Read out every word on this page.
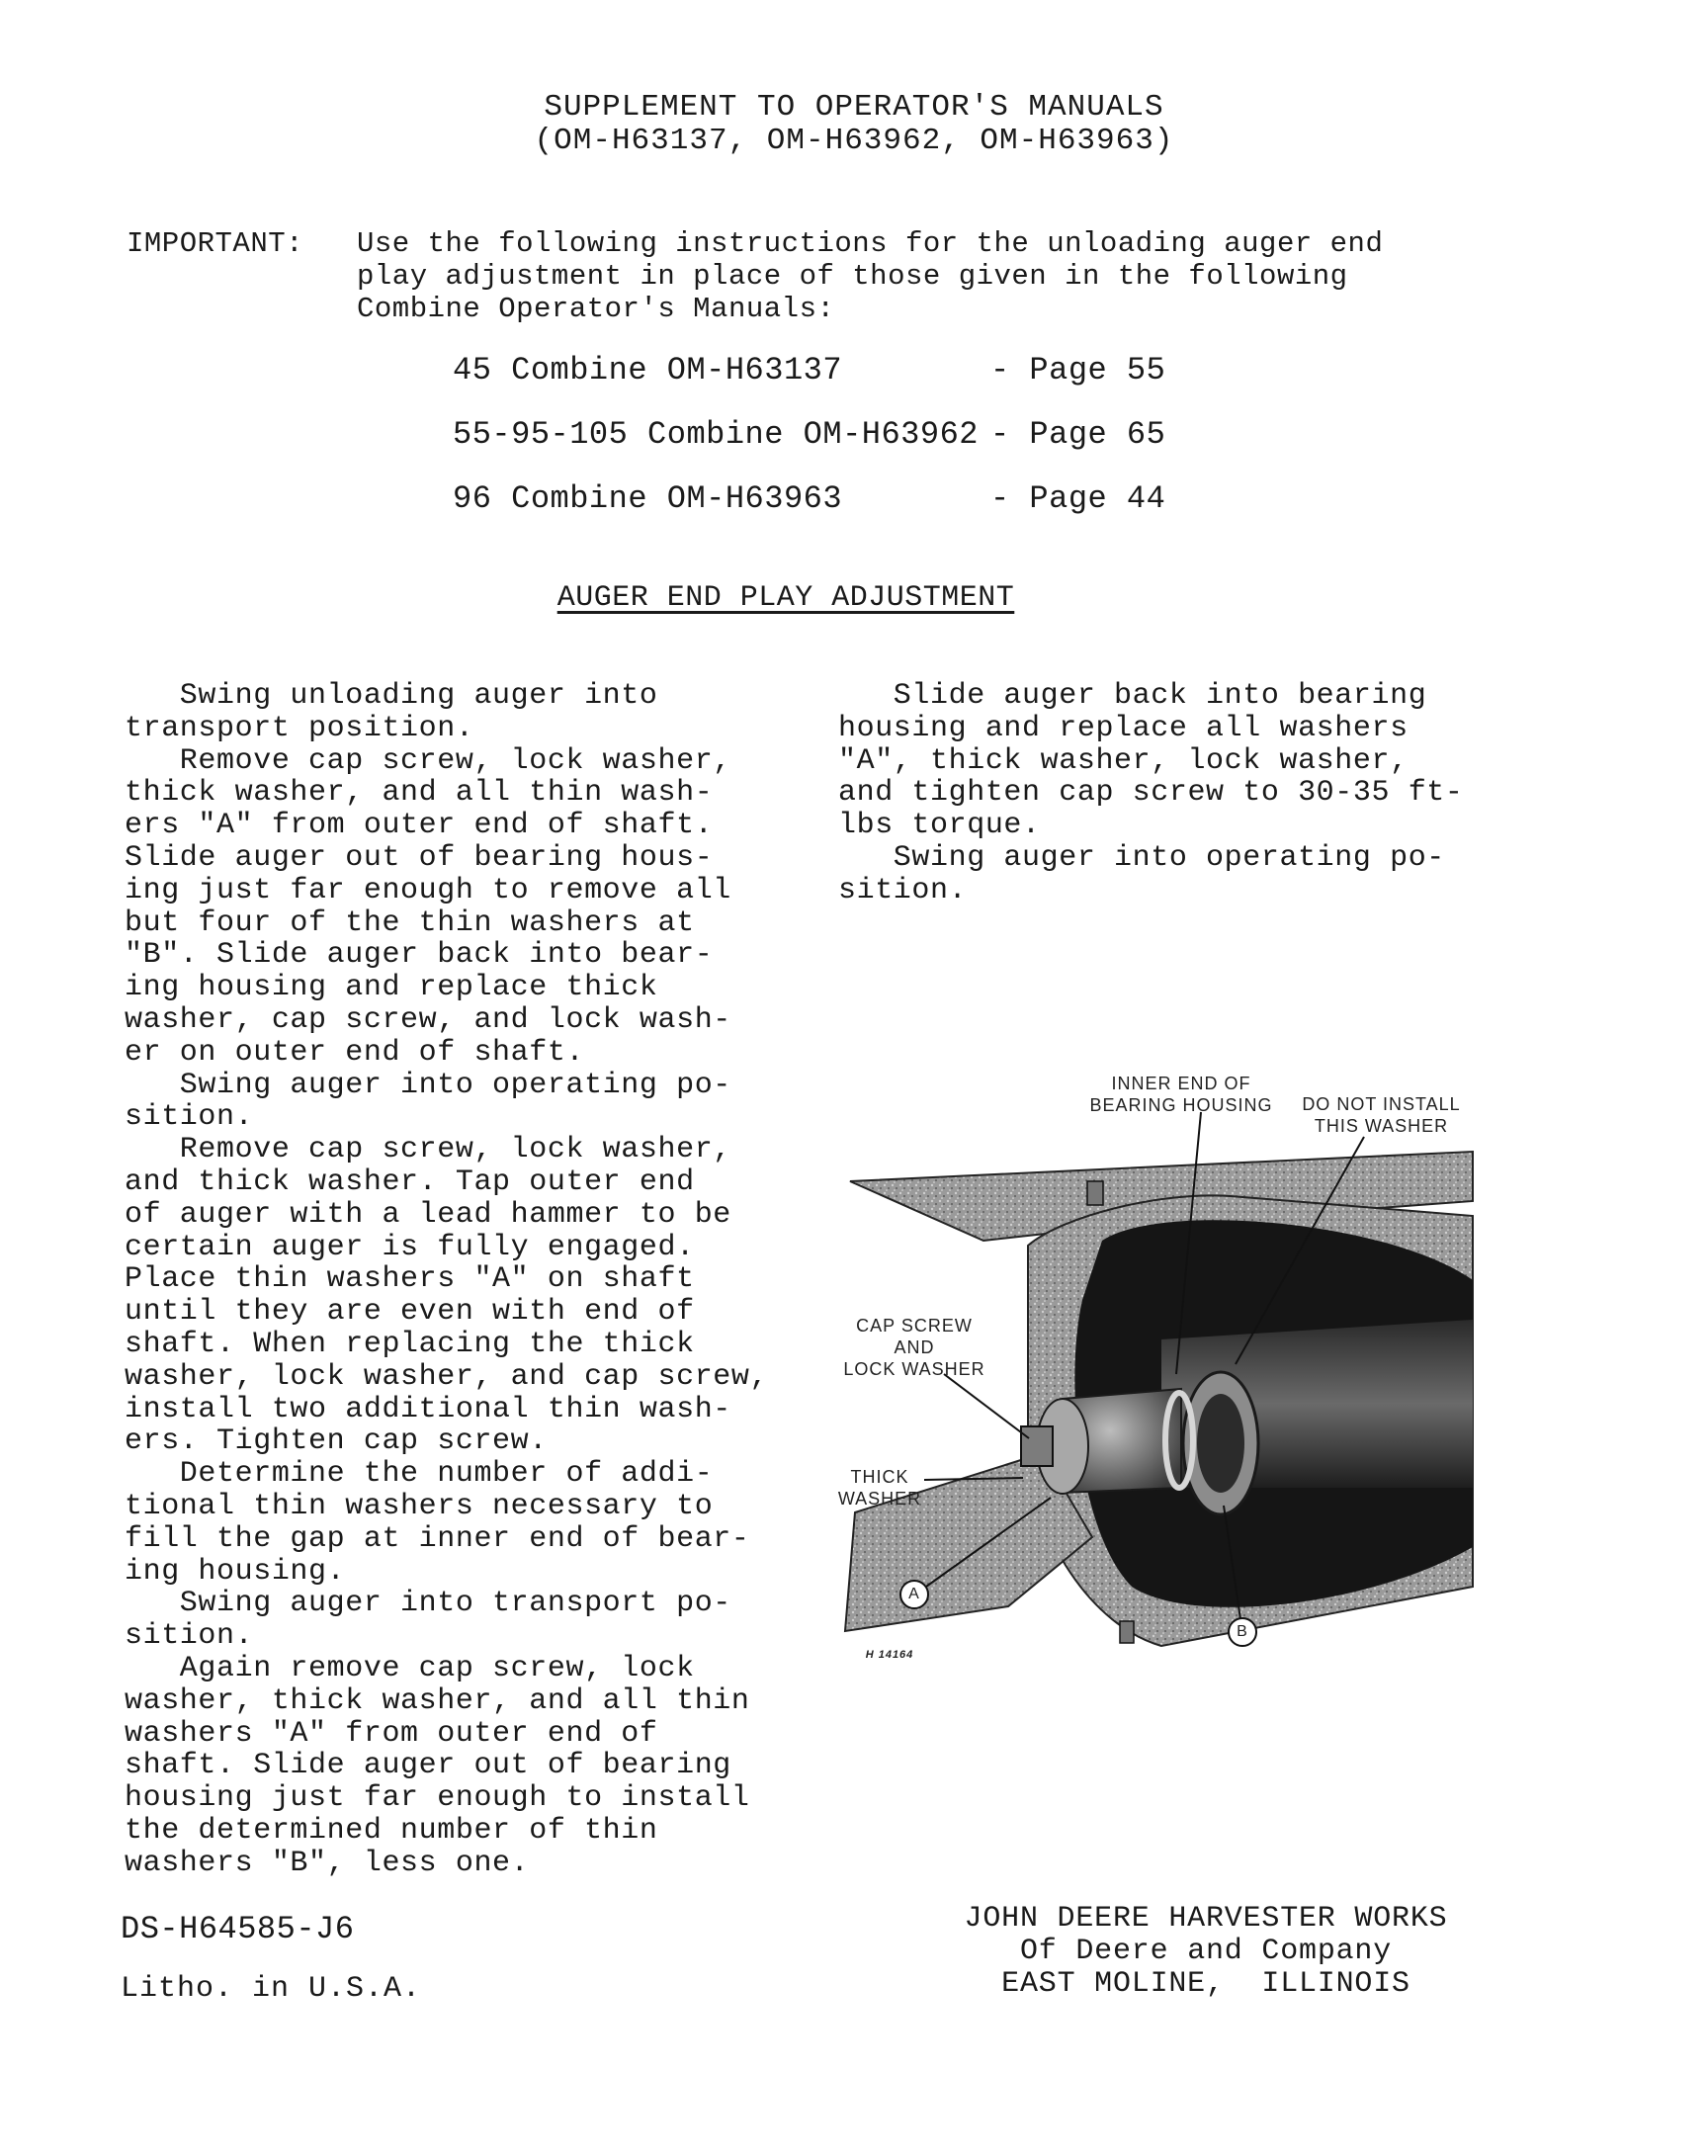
SUPPLEMENT TO OPERATOR'S MANUALS
(OM-H63137, OM-H63962, OM-H63963)
IMPORTANT: Use the following instructions for the unloading auger end
play adjustment in place of those given in the following
Combine Operator's Manuals:
45 Combine OM-H63137	- Page 55
55-95-105 Combine OM-H63962 - Page 65
96 Combine OM-H63963	- Page 44
AUGER END PLAY ADJUSTMENT

Swing unloading auger into

transport position.

Remove cap screw, lock washer,

thick washer, and all thin wash-

ers "A" from outer end of shaft.

Slide auger out of bearing hous-

ing just far enough to remove all

but four of the thin washers at

"B". Slide auger back into bear-

ing housing and replace thick

washer, cap screw, and lock wash-

er on outer end of shaft.

Swing auger into operating po-

sition.

Remove cap screw, lock washer,

and thick washer. Tap outer end

of auger with a lead hammer to be

certain auger is fully engaged.

Place thin washers "A" on shaft

until they are even with end of

shaft. When replacing the thick

washer, lock washer, and cap screw,

install two additional thin wash-

ers. Tighten cap screw.

Determine the number of addi-

tional thin washers necessary to

fill the gap at inner end of bear-

ing housing.

Swing auger into transport po-

sition.

Again remove cap screw, lock

washer, thick washer, and all thin

washers "A" from outer end of

shaft. Slide auger out of bearing

housing just far enough to install

the determined number of thin

washers "B", less one.

Slide auger back into bearing

housing and replace all washers

"A", thick washer, lock washer,

and tighten cap screw to 30-35 ft-

lbs torque.

Swing auger into operating po-

sition.

INNER END OF
BEARING HOUSING	DO NOT INSTALL
THIS WASHER
CAP SCREW
AND
LOCK WASHER
THICK
WASHER
A
B
H 14164
DS-H64585-J6
Litho. in U.S.A.
JOHN DEERE HARVESTER WORKS
Of Deere and Company
EAST MOLINE,  ILLINOIS
